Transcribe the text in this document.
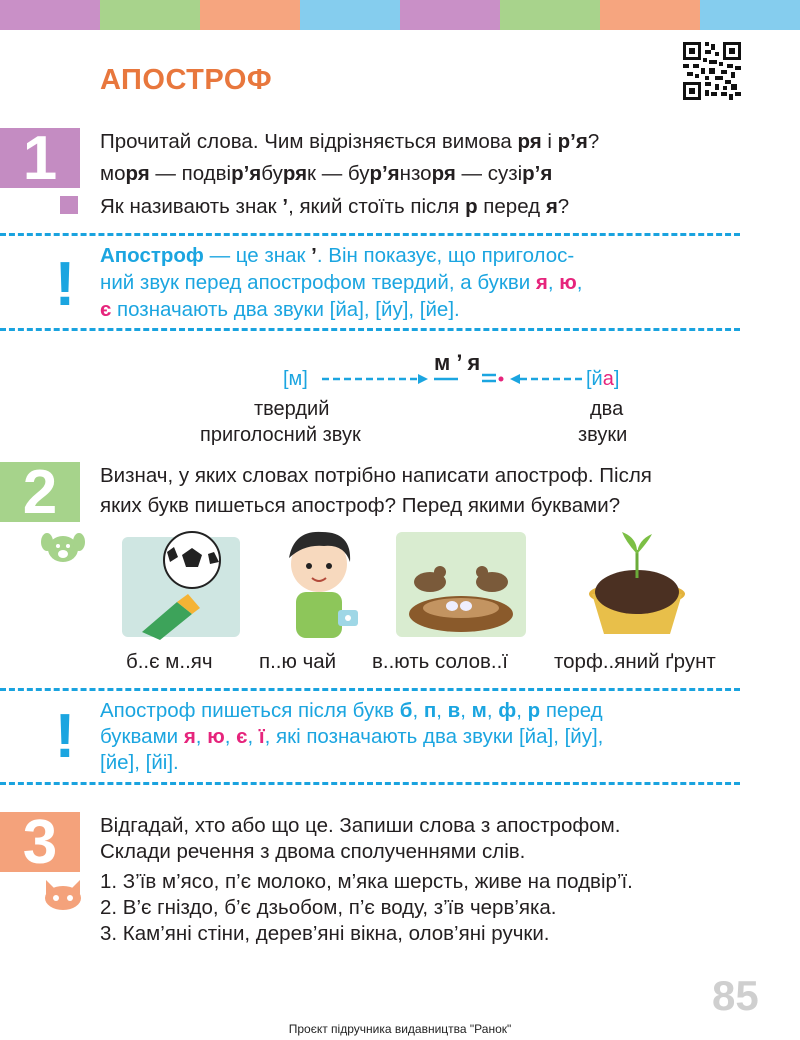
АПОСТРОФ
1 Прочитай слова. Чим відрізняється вимова ря і р’я?
моря — подвір’ябуряк — бур’янзоря — сузір’я
Як називають знак ’, який стоїть після р перед я?
! Апостроф — це знак ’. Він показує, що приголос-
ний звук перед апострофом твердий, а букви я, ю,
є позначають два звуки [йа], [йу], [йе].
м ’ я
[м]	[йа]
твердий
приголосний звук
два
звуки
2 Визнач, у яких словах потрібно написати апостроф. Після
яких букв пишеться апостроф? Перед якими буквами?
б..є м..яч п..ю чай в..ють солов..ї торф..яний ґрунт
! Апостроф пишеться після букв б, п, в, м, ф, р перед
буквами я, ю, є, ї, які позначають два звуки [йа], [йу],
[йе], [йі].
3 Відгадай, хто або що це. Запиши слова з апострофом.
Склади речення з двома сполученнями слів.
1. З’їв м’ясо, п’є молоко, м’яка шерсть, живе на подвір’ї.
2. В’є гніздо, б’є дзьобом, п’є воду, з’їв черв’яка.
3. Кам’яні стіни, дерев’яні вікна, олов’яні ручки.
85
Проєкт підручника видавництва "Ранок"
